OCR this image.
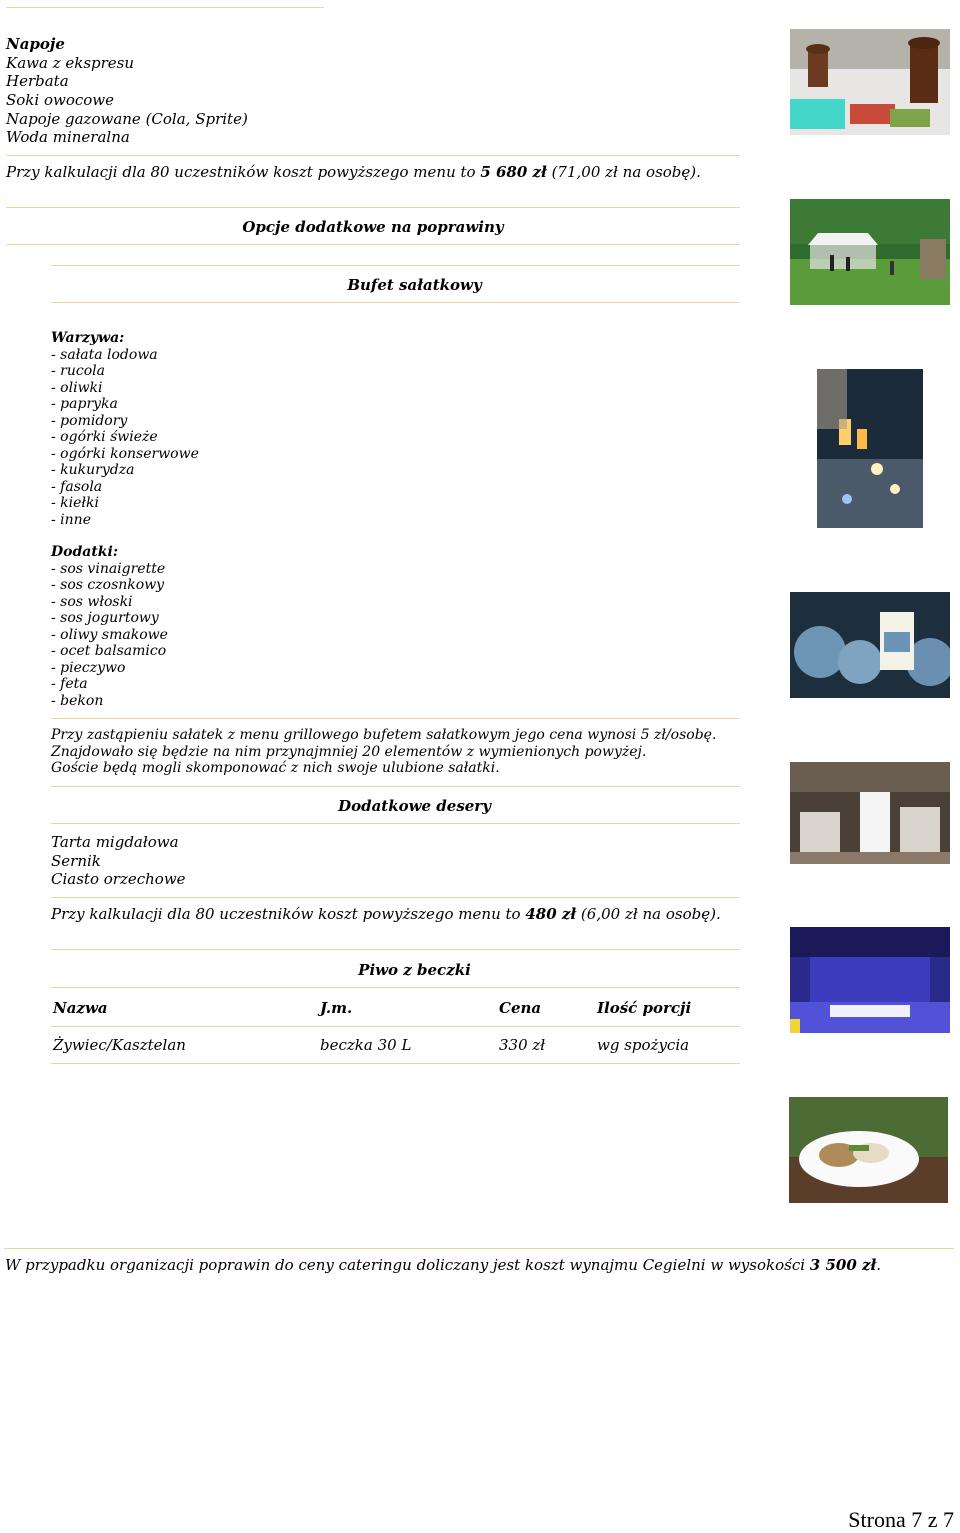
Napoje
Kawa z ekspresu
Herbata
Soki owocowe
Napoje gazowane (Cola, Sprite)
Woda mineralna
Przy kalkulacji dla 80 uczestników koszt powyższego menu to 5 680 zł (71,00 zł na osobę).
Opcje dodatkowe na poprawiny
Bufet sałatkowy
Warzywa:
- sałata lodowa
- rucola
- oliwki
- papryka
- pomidory
- ogórki świeże
- ogórki konserwowe
- kukurydza
- fasola
- kiełki
- inne
Dodatki:
- sos vinaigrette
- sos czosnkowy
- sos włoski
- sos jogurtowy
- oliwy smakowe
- ocet balsamico
- pieczywo
- feta
- bekon
Przy zastąpieniu sałatek z menu grillowego bufetem sałatkowym jego cena wynosi 5 zł/osobę.
Znajdowało się będzie na nim przynajmniej 20 elementów z wymienionych powyżej.
Goście będą mogli skomponować z nich swoje ulubione sałatki.
Dodatkowe desery
Tarta migdałowa
Sernik
Ciasto orzechowe
Przy kalkulacji dla 80 uczestników koszt powyższego menu to 480 zł (6,00 zł na osobę).
Piwo z beczki
Nazwa	J.m.	Cena	Ilość porcji
Żywiec/Kasztelan	beczka 30 L	330 zł	wg spożycia
W przypadku organizacji poprawin do ceny cateringu doliczany jest koszt wynajmu Cegielni w wysokości 3 500 zł.
Strona 7 z 7
